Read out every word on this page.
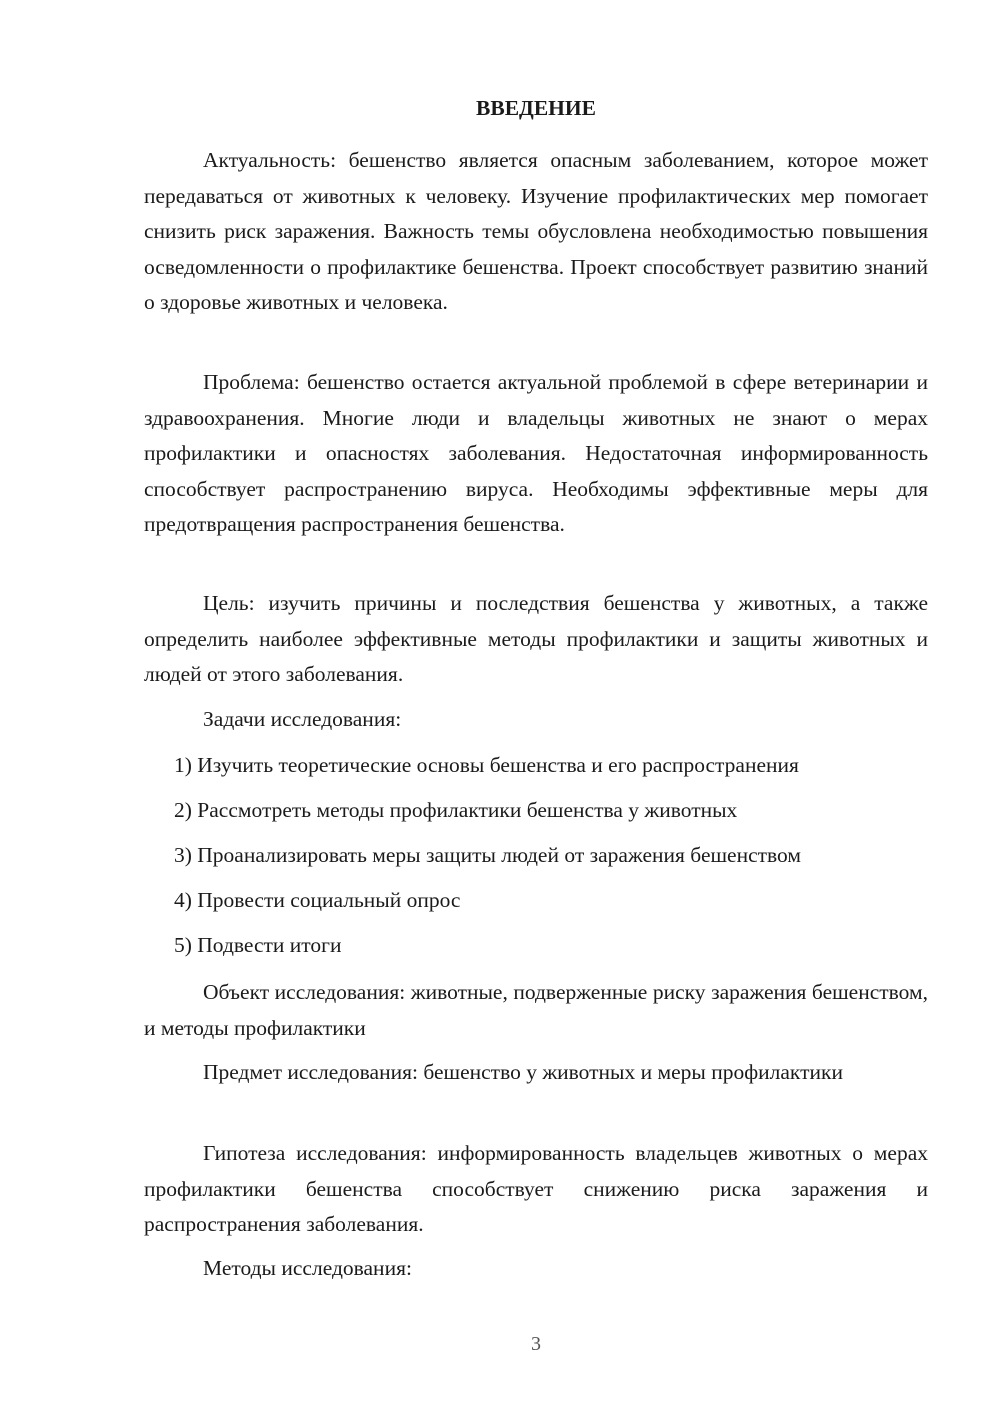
ВВЕДЕНИЕ

Актуальность: бешенство является опасным заболеванием, которое может передаваться от животных к человеку. Изучение профилактических мер помогает снизить риск заражения. Важность темы обусловлена необходимостью повышения осведомленности о профилактике бешенства. Проект способствует развитию знаний о здоровье животных и человека.

Проблема: бешенство остается актуальной проблемой в сфере ветеринарии и здравоохранения. Многие люди и владельцы животных не знают о мерах профилактики и опасностях заболевания. Недостаточная информированность способствует распространению вируса. Необходимы эффективные меры для предотвращения распространения бешенства.

Цель: изучить причины и последствия бешенства у животных, а также определить наиболее эффективные методы профилактики и защиты животных и людей от этого заболевания.

Задачи исследования:

1) Изучить теоретические основы бешенства и его распространения

2) Рассмотреть методы профилактики бешенства у животных

3) Проанализировать меры защиты людей от заражения бешенством

4) Провести социальный опрос

5) Подвести итоги

Объект исследования: животные, подверженные риску заражения бешенством, и методы профилактики

Предмет исследования: бешенство у животных и меры профилактики

Гипотеза исследования: информированность владельцев животных о мерах профилактики бешенства способствует снижению риска заражения и распространения заболевания.

Методы исследования:

3
